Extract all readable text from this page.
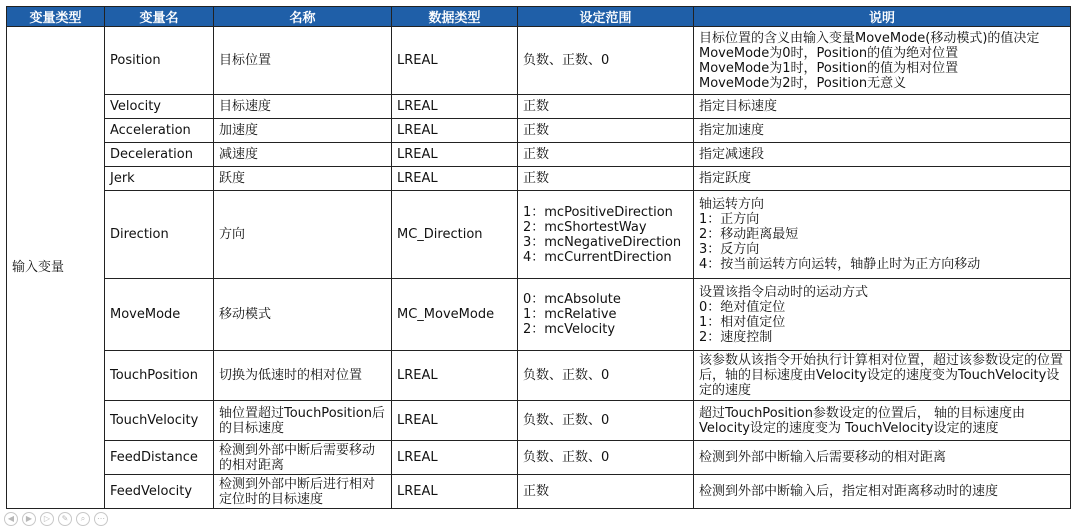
变量类型	变量名	名称	数据类型	设定范围	说明
输入变量	Position	目标位置	LREAL	负数、正数、0	目标位置的含义由输入变量MoveMode(移动模式)的值决定
MoveMode为0时，Position的值为绝对位置
MoveMode为1时，Position的值为相对位置
MoveMode为2时，Position无意义
	Velocity	目标速度	LREAL	正数	指定目标速度
	Acceleration	加速度	LREAL	正数	指定加速度
	Deceleration	减速度	LREAL	正数	指定减速段
	Jerk	跃度	LREAL	正数	指定跃度
	Direction	方向	MC_Direction	1：mcPositiveDirection
2：mcShortestWay
3：mcNegativeDirection
4：mcCurrentDirection	轴运转方向
1：正方向
2：移动距离最短
3：反方向
4：按当前运转方向运转，轴静止时为正方向移动
	MoveMode	移动模式	MC_MoveMode	0：mcAbsolute
1：mcRelative
2：mcVelocity	设置该指令启动时的运动方式
0：绝对值定位
1：相对值定位
2：速度控制
	TouchPosition	切换为低速时的相对位置	LREAL	负数、正数、0	该参数从该指令开始执行计算相对位置，超过该参数设定的位置后，轴的目标速度由Velocity设定的速度变为TouchVelocity设定的速度
	TouchVelocity	轴位置超过TouchPosition后的目标速度	LREAL	负数、正数、0	超过TouchPosition参数设定的位置后， 轴的目标速度由Velocity设定的速度变为 TouchVelocity设定的速度
	FeedDistance	检测到外部中断后需要移动的相对距离	LREAL	负数、正数、0	检测到外部中断输入后需要移动的相对距离
	FeedVelocity	检测到外部中断后进行相对定位时的目标速度	LREAL	正数	检测到外部中断输入后，指定相对距离移动时的速度
◀	▶	▷	✎	⌕	⋯
